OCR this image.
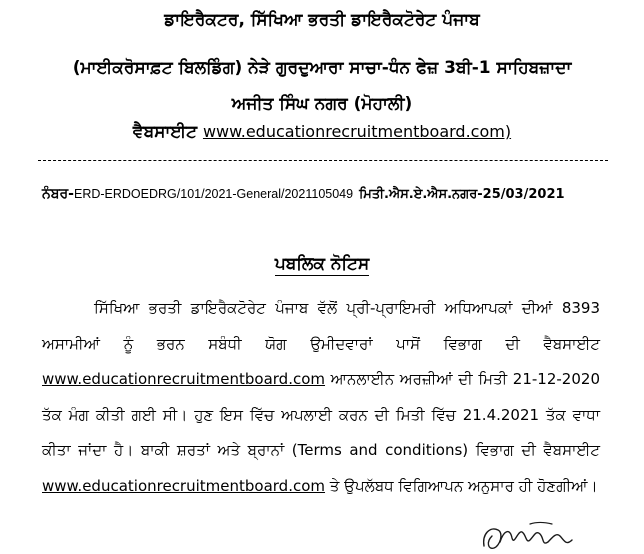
ਡਾਇਰੈਕਟਰ, ਸਿੱਖਿਆ ਭਰਤੀ ਡਾਇਰੈਕਟੋਰੇਟ ਪੰਜਾਬ
(ਮਾਈਕਰੋਸਾਫ਼ਟ ਬਿਲਡਿੰਗ) ਨੇੜੇ ਗੁਰਦੁਆਰਾ ਸਾਚਾ-ਧੰਨ ਫੇਜ਼ 3ਬੀ-1 ਸਾਹਿਬਜ਼ਾਦਾ
ਅਜੀਤ ਸਿੰਘ ਨਗਰ (ਮੋਹਾਲੀ)
ਵੈਬਸਾਈਟ www.educationrecruitmentboard.com)
ਨੰਬਰ-ERD-ERDOEDRG/101/2021-General/2021105049 ਮਿਤੀ.ਐਸ.ਏ.ਐਸ.ਨਗਰ-25/03/2021
ਪਬਲਿਕ ਨੋਟਿਸ
ਸਿੱਖਿਆ ਭਰਤੀ ਡਾਇਰੈਕਟੋਰੇਟ ਪੰਜਾਬ ਵੱਲੋਂ ਪ੍ਰੀ-ਪ੍ਰਾਇਮਰੀ ਅਧਿਆਪਕਾਂ ਦੀਆਂ 8393 ਅਸਾਮੀਆਂ ਨੂੰ ਭਰਨ ਸਬੰਧੀ ਯੋਗ ਉਮੀਦਵਾਰਾਂ ਪਾਸੋਂ ਵਿਭਾਗ ਦੀ ਵੈਬਸਾਈਟ www.educationrecruitmentboard.com ਆਨਲਾਈਨ ਅਰਜ਼ੀਆਂ ਦੀ ਮਿਤੀ 21-12-2020 ਤੱਕ ਮੰਗ ਕੀਤੀ ਗਈ ਸੀ। ਹੁਣ ਇਸ ਵਿੱਚ ਅਪਲਾਈ ਕਰਨ ਦੀ ਮਿਤੀ ਵਿੱਚ 21.4.2021 ਤੱਕ ਵਾਧਾ ਕੀਤਾ ਜਾਂਦਾ ਹੈ। ਬਾਕੀ ਸ਼ਰਤਾਂ ਅਤੇ ਬ੍ਰਾਨਾਂ (Terms and conditions) ਵਿਭਾਗ ਦੀ ਵੈਬਸਾਈਟ www.educationrecruitmentboard.com ਤੇ ਉਪਲੱਬਧ ਵਿਗਿਆਪਨ ਅਨੁਸਾਰ ਹੀ ਹੋਣਗੀਆਂ।
